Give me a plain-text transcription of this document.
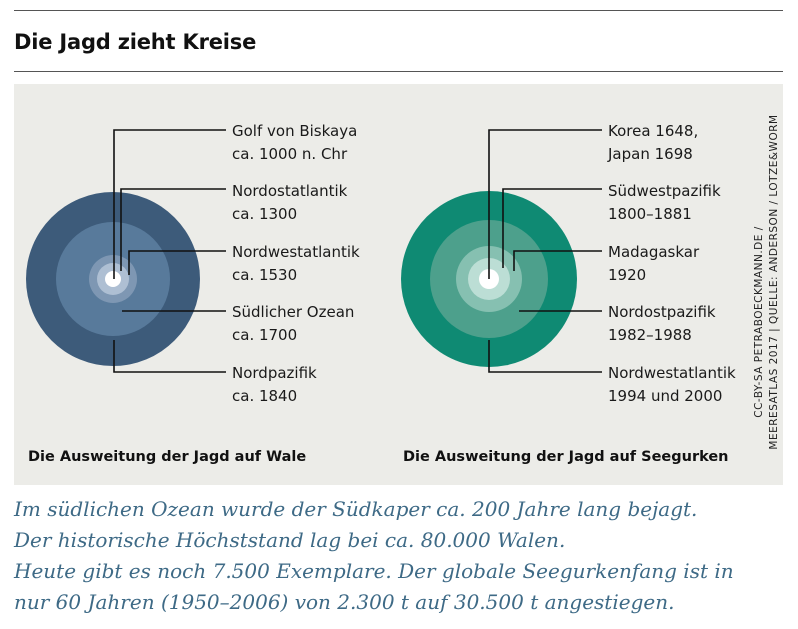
Die Jagd zieht Kreise
Golf von Biskaya
ca. 1000 n. Chr
Nordostatlantik
ca. 1300
Nordwestatlantik
ca. 1530
Südlicher Ozean
ca. 1700
Nordpazifik
ca. 1840
Die Ausweitung der Jagd auf Wale
Korea 1648,
Japan 1698
Südwestpazifik
1800–1881
Madagaskar
1920
Nordostpazifik
1982–1988
Nordwestatlantik
1994 und 2000
Die Ausweitung der Jagd auf Seegurken
CC-BY-SA PETRABOECKMANN.DE / MEERESATLAS 2017 | QUELLE: ANDERSON / LOTZE&WORM
Im südlichen Ozean wurde der Südkaper ca. 200 Jahre lang bejagt.
Der historische Höchststand lag bei ca. 80.000 Walen.
Heute gibt es noch 7.500 Exemplare. Der globale Seegurkenfang ist in
nur 60 Jahren (1950–2006) von 2.300 t auf 30.500 t angestiegen.
